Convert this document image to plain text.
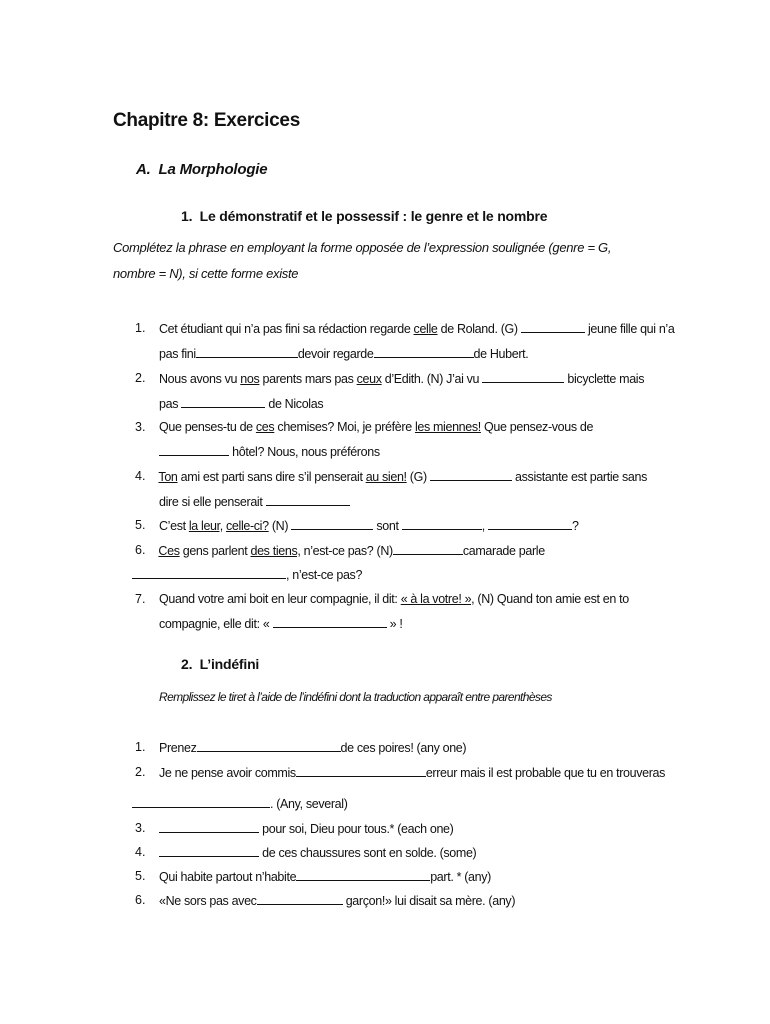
Chapitre 8: Exercices
A. La Morphologie
1. Le démonstratif et le possessif : le genre et le nombre
Complétez la phrase en employant la forme opposée de l’expression soulignée (genre = G,
nombre = N), si cette forme existe
1. Cet étudiant qui n’a pas fini sa rédaction regarde celle de Roland. (G)	jeune fille qui n’a
pas fini	devoir regarde	de Hubert.
2. Nous avons vu nos parents mars pas ceux d’Edith. (N) J’ai vu	bicyclette mais
pas	de Nicolas
3. Que penses-tu de ces chemises? Moi, je préfère les miennes! Que pensez-vous de
hôtel? Nous, nous préférons
4.	Ton ami est parti sans dire s’il penserait au sien! (G)	assistante est partie sans
dire si elle penserait
5. C’est la leur, celle-ci? (N)	sont	,	?
6.	Ces gens parlent des tiens, n’est-ce pas? (N)	camarade parle
, n’est-ce pas?
7. Quand votre ami boit en leur compagnie, il dit: « à la votre! », (N) Quand ton amie est en to
compagnie, elle dit: «	» !
2. L’indéfini
Remplissez le tiret à l’aide de l’indéfini dont la traduction apparaît entre parenthèses
1. Prenez	de ces poires! (any one)
2. Je ne pense avoir commis	erreur mais il est probable que tu en trouveras
. (Any, several)
3.	pour soi, Dieu pour tous.* (each one)
4.	de ces chaussures sont en solde. (some)
5. Qui habite partout n’habite	part. * (any)
6. «Ne sors pas avec	garçon!» lui disait sa mère. (any)
